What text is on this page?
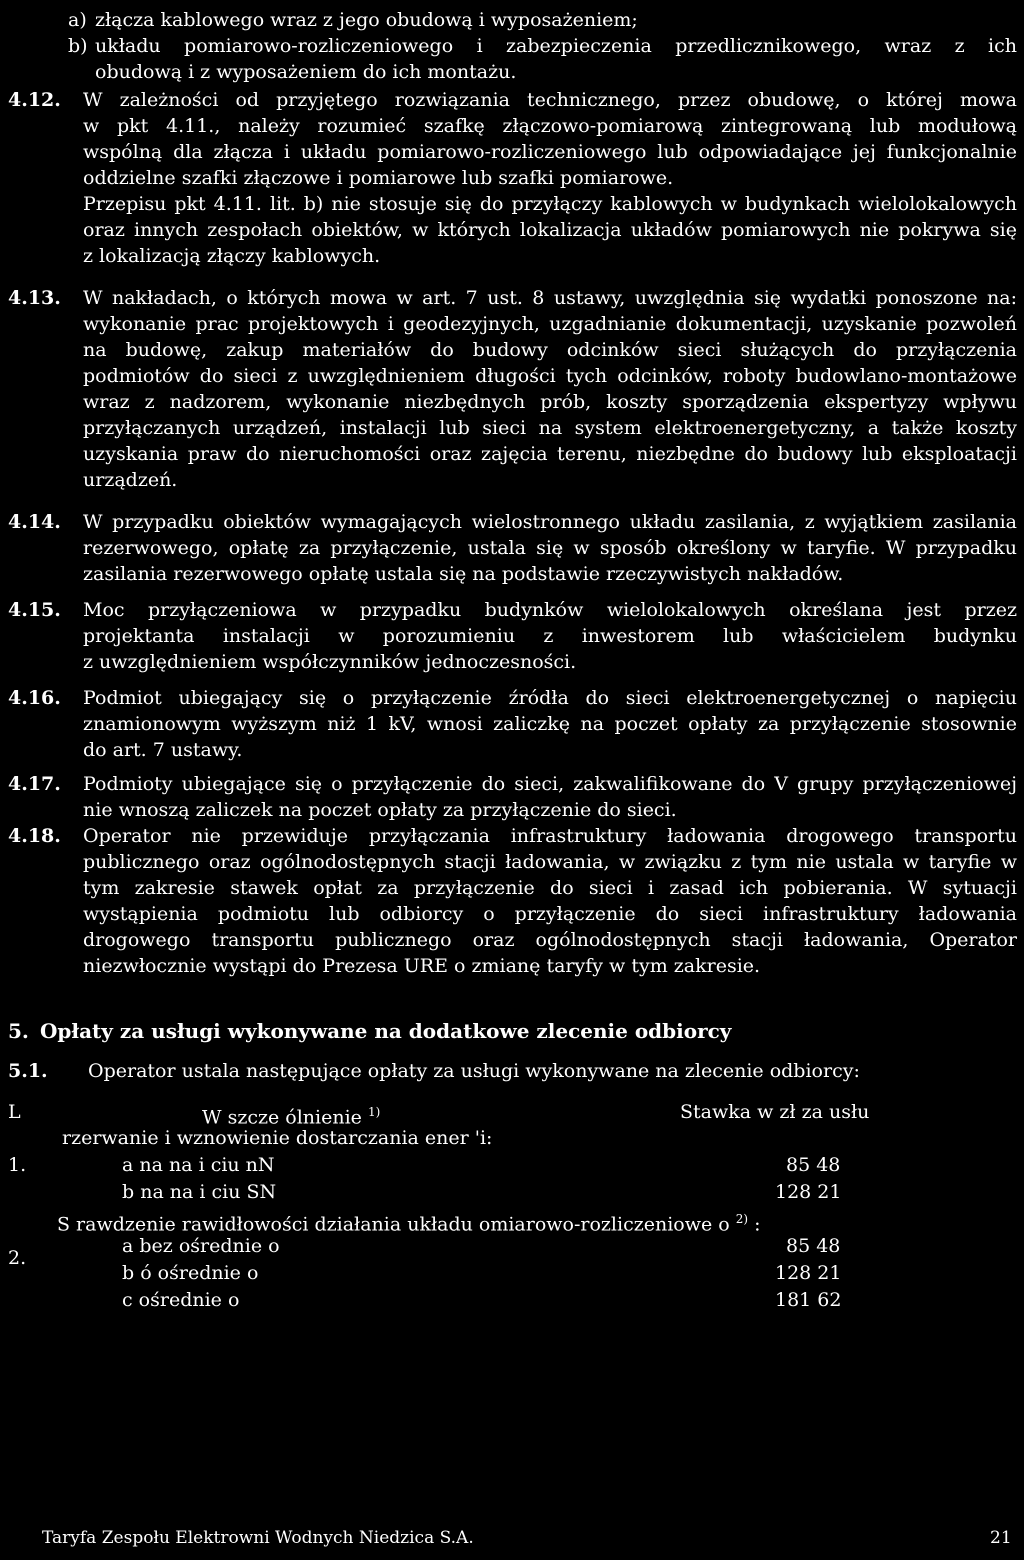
a) złącza kablowego wraz z jego obudową i wyposażeniem;
b) układu pomiarowo-rozliczeniowego i zabezpieczenia przedlicznikowego, wraz z ich
obudową i z wyposażeniem do ich montażu.
4.12. W zależności od przyjętego rozwiązania technicznego, przez obudowę, o której mowa
w pkt 4.11., należy rozumieć szafkę złączowo-pomiarową zintegrowaną lub modułową
wspólną dla złącza i układu pomiarowo-rozliczeniowego lub odpowiadające jej funkcjonalnie
oddzielne szafki złączowe i pomiarowe lub szafki pomiarowe.
Przepisu pkt 4.11. lit. b) nie stosuje się do przyłączy kablowych w budynkach wielolokalowych
oraz innych zespołach obiektów, w których lokalizacja układów pomiarowych nie pokrywa się
z lokalizacją złączy kablowych.
4.13. W nakładach, o których mowa w art. 7 ust. 8 ustawy, uwzględnia się wydatki ponoszone na:
wykonanie prac projektowych i geodezyjnych, uzgadnianie dokumentacji, uzyskanie pozwoleń
na budowę, zakup materiałów do budowy odcinków sieci służących do przyłączenia
podmiotów do sieci z uwzględnieniem długości tych odcinków, roboty budowlano-montażowe
wraz z nadzorem, wykonanie niezbędnych prób, koszty sporządzenia ekspertyzy wpływu
przyłączanych urządzeń, instalacji lub sieci na system elektroenergetyczny, a także koszty
uzyskania praw do nieruchomości oraz zajęcia terenu, niezbędne do budowy lub eksploatacji
urządzeń.
4.14. W przypadku obiektów wymagających wielostronnego układu zasilania, z wyjątkiem zasilania
rezerwowego, opłatę za przyłączenie, ustala się w sposób określony w taryfie. W przypadku
zasilania rezerwowego opłatę ustala się na podstawie rzeczywistych nakładów.
4.15. Moc przyłączeniowa w przypadku budynków wielolokalowych określana jest przez
projektanta instalacji w porozumieniu z inwestorem lub właścicielem budynku
z uwzględnieniem współczynników jednoczesności.
4.16. Podmiot ubiegający się o przyłączenie źródła do sieci elektroenergetycznej o napięciu
znamionowym wyższym niż 1 kV, wnosi zaliczkę na poczet opłaty za przyłączenie stosownie
do art. 7 ustawy.
4.17. Podmioty ubiegające się o przyłączenie do sieci, zakwalifikowane do V grupy przyłączeniowej
nie wnoszą zaliczek na poczet opłaty za przyłączenie do sieci.
4.18. Operator nie przewiduje przyłączania infrastruktury ładowania drogowego transportu
publicznego oraz ogólnodostępnych stacji ładowania, w związku z tym nie ustala w taryfie w
tym zakresie stawek opłat za przyłączenie do sieci i zasad ich pobierania. W sytuacji
wystąpienia podmiotu lub odbiorcy o przyłączenie do sieci infrastruktury ładowania
drogowego transportu publicznego oraz ogólnodostępnych stacji ładowania, Operator
niezwłocznie wystąpi do Prezesa URE o zmianę taryfy w tym zakresie.
5. Opłaty za usługi wykonywane na dodatkowe zlecenie odbiorcy
5.1. Operator ustala następujące opłaty za usługi wykonywane na zlecenie odbiorcy:
L	W szcze ólnienie $^{1)}$	Stawka w zł za usłu
rzerwanie i wznowienie dostarczania ener 'i:
1.	a na na i ciu nN	85 48
b na na i ciu SN	128 21
S rawdzenie rawidłowości działania układu omiarowo-rozliczeniowe o $^{2)}$ :
2.
a bez ośrednie o	85 48
b ó ośrednie o	128 21
c ośrednie o	181 62
Taryfa Zespołu Elektrowni Wodnych Niedzica S.A.	21
